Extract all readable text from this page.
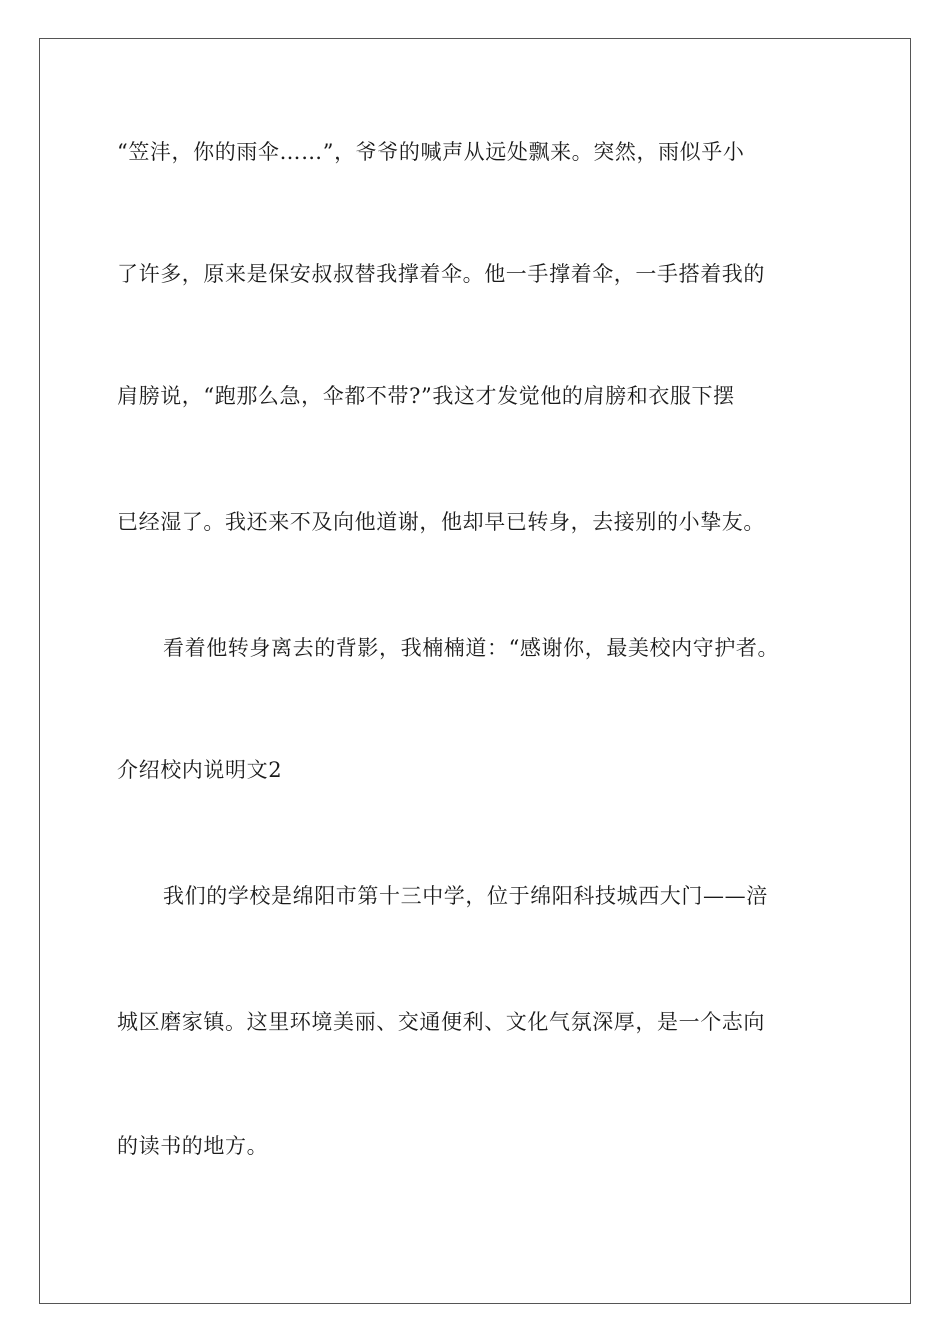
“笠沣，你的雨伞……”，爷爷的喊声从远处飘来。突然，雨似乎小
了许多，原来是保安叔叔替我撑着伞。他一手撑着伞，一手搭着我的
肩膀说，“跑那么急，伞都不带?”我这才发觉他的肩膀和衣服下摆
已经湿了。我还来不及向他道谢，他却早已转身，去接别的小挚友。
看着他转身离去的背影，我楠楠道：“感谢你，最美校内守护者。
介绍校内说明文2
我们的学校是绵阳市第十三中学，位于绵阳科技城西大门——涪
城区磨家镇。这里环境美丽、交通便利、文化气氛深厚，是一个志向
的读书的地方。
